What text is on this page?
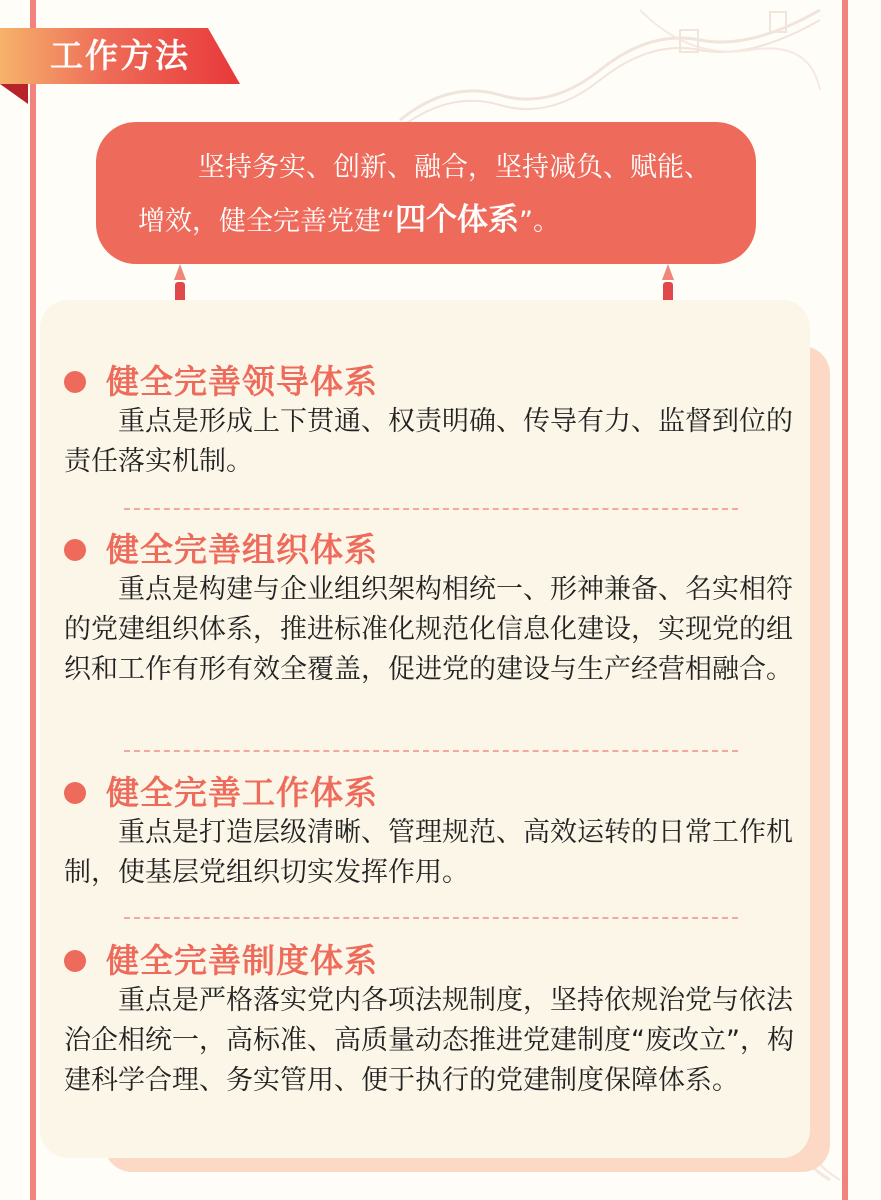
工作方法
坚持务实、创新、融合，坚持减负、赋能、
增效，健全完善党建“四个体系”。
健全完善领导体系

重点是形成上下贯通、权责明确、传导有力、监督到位的责任落实机制。

健全完善组织体系

重点是构建与企业组织架构相统一、形神兼备、名实相符的党建组织体系，推进标准化规范化信息化建设，实现党的组织和工作有形有效全覆盖，促进党的建设与生产经营相融合。

健全完善工作体系

重点是打造层级清晰、管理规范、高效运转的日常工作机制，使基层党组织切实发挥作用。

健全完善制度体系

重点是严格落实党内各项法规制度，坚持依规治党与依法治企相统一，高标准、高质量动态推进党建制度“废改立”，构建科学合理、务实管用、便于执行的党建制度保障体系。
